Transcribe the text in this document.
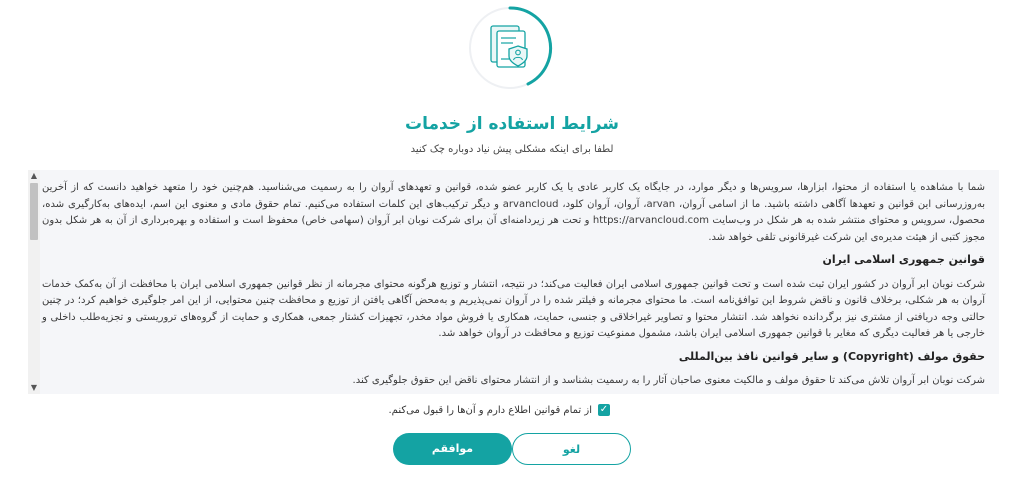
شرایط استفاده از خدمات
لطفا برای اینکه مشکلی پیش نیاد دوباره چک کنید

شما با مشاهده یا استفاده از محتوا، ابزارها، سرویس‌ها و دیگر موارد، در جایگاه یک کاربر عادی یا یک کاربر عضو شده، قوانین و تعهدهای آروان را به رسمیت می‌شناسید. هم‌چنین خود را متعهد خواهید دانست که از آخرین به‌روزرسانی این قوانین و تعهدها آگاهی داشته باشید. ما از اسامی آروان، arvan، آروان، آروان کلود، arvancloud و دیگر ترکیب‌های این کلمات استفاده می‌کنیم. تمام حقوق مادی و معنوی این اسم، ایده‌های به‌کارگیری شده، محصول، سرویس و محتوای منتشر شده به هر شکل در وب‌سایت https://arvancloud.com و تحت هر زیردامنه‌ای آن برای شرکت نوبان ابر آروان (سهامی خاص) محفوظ است و استفاده و بهره‌برداری از آن به هر شکل بدون مجوز کتبی از هیئت مدیره‌ی این شرکت غیرقانونی تلقی خواهد شد.

قوانین جمهوری اسلامی ایران

شرکت نوبان ابر آروان در کشور ایران ثبت شده است و تحت قوانین جمهوری اسلامی ایران فعالیت می‌کند؛ در نتیجه، انتشار و توزیع هرگونه محتوای مجرمانه از نظر قوانین جمهوری اسلامی ایران با محافظت از آن به‌کمک خدمات آروان به هر شکلی، برخلاف قانون و ناقض شروط این توافق‌نامه است. ما محتوای مجرمانه و فیلتر شده را در آروان نمی‌پذیریم و به‌محض آگاهی یافتن از توزیع و محافظت چنین محتوایی، از این امر جلوگیری خواهیم کرد؛ در چنین حالتی وجه دریافتی از مشتری نیز برگردانده نخواهد شد. انتشار محتوا و تصاویر غیراخلاقی و جنسی، حمایت، همکاری یا فروش مواد مخدر، تجهیزات کشتار جمعی، همکاری و حمایت از گروه‌های تروریستی و تجزیه‌طلب داخلی و خارجی یا هر فعالیت دیگری که مغایر با قوانین جمهوری اسلامی ایران باشد، مشمول ممنوعیت توزیع و محافظت در آروان خواهد شد.

حقوق مولف (Copyright) و سایر قوانین نافذ بین‌المللی

شرکت نوبان ابر آروان تلاش می‌کند تا حقوق مولف و مالکیت معنوی صاحبان آثار را به رسمیت بشناسد و از انتشار محتوای ناقض این حقوق جلوگیری کند.

▲
▼
✓
از تمام قوانین اطلاع دارم و آن‌ها را قبول می‌کنم.
لغو
موافقم
